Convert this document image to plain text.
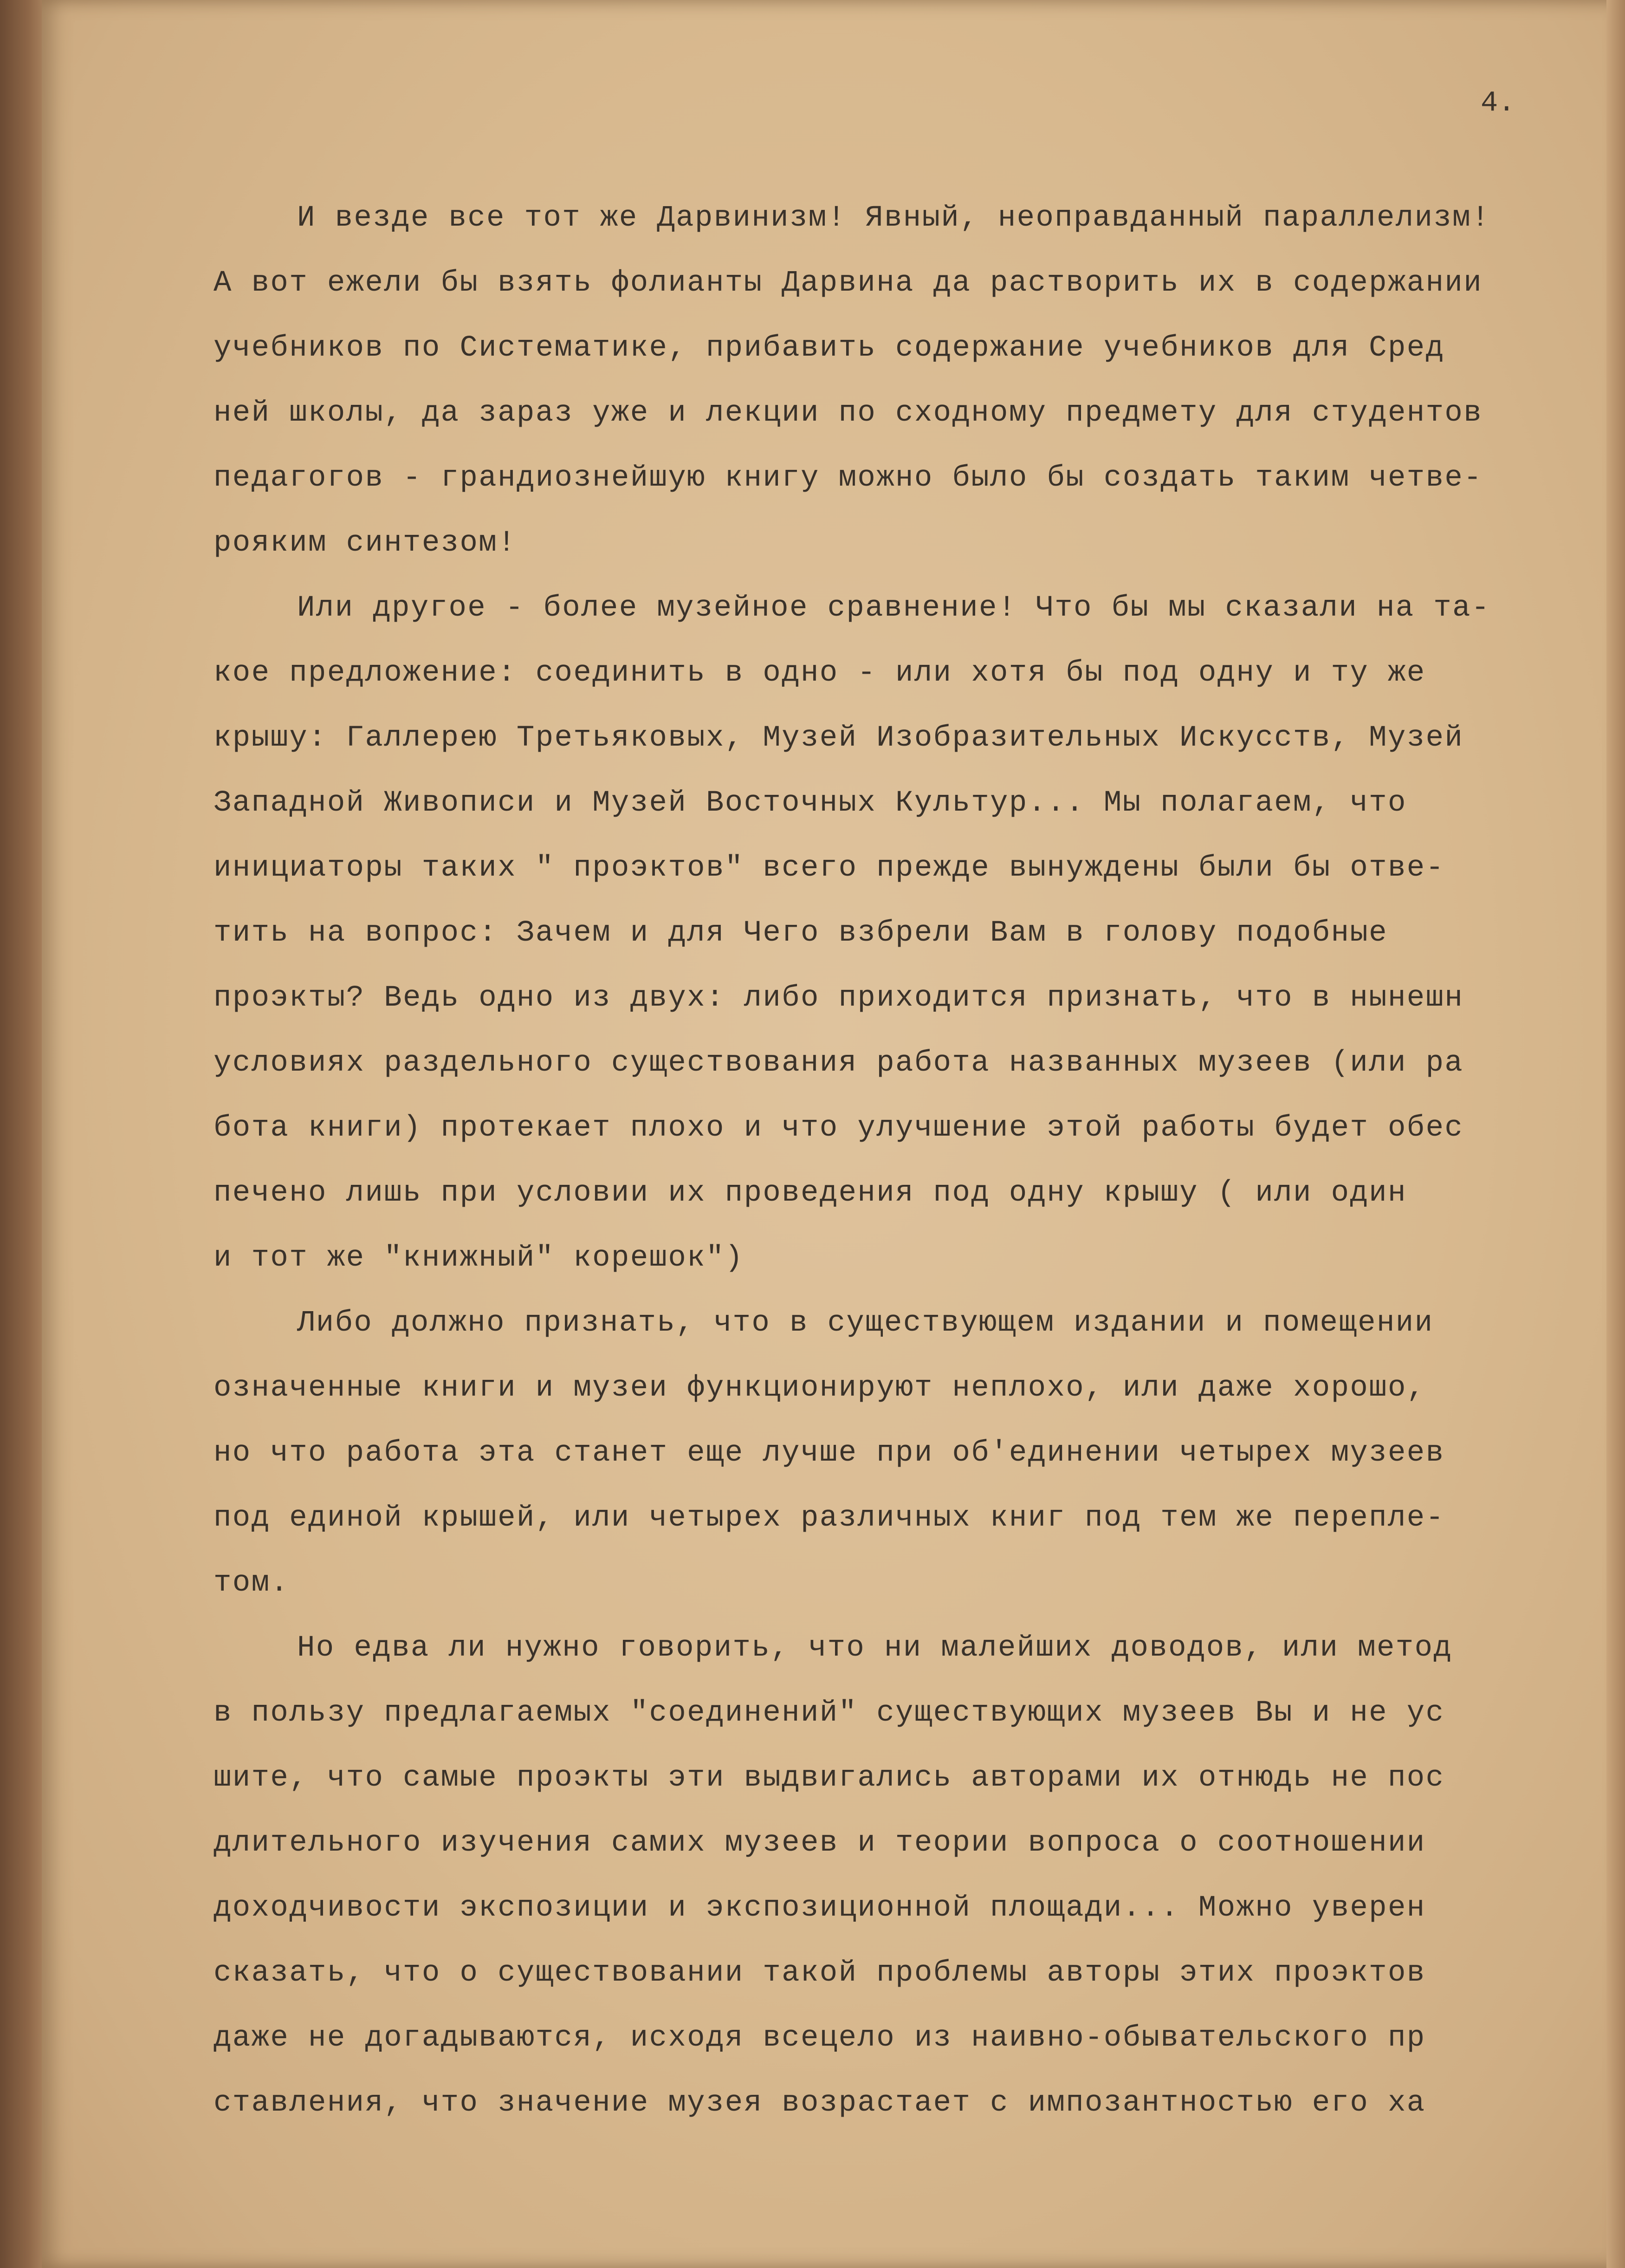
4.
И везде все тот же Дарвинизм! Явный, неоправданный параллелизм!
А вот ежели бы взять фолианты Дарвина да растворить их в содержании
учебников по Систематике, прибавить содержание учебников для Сред
ней школы, да зараз уже и лекции по сходному предмету для студентов
педагогов - грандиознейшую книгу можно было бы создать таким четве-
рояким синтезом!
Или другое - более музейное сравнение! Что бы мы сказали на та-
кое предложение: соединить в одно - или хотя бы под одну и ту же
крышу: Галлерею Третьяковых, Музей Изобразительных Искусств, Музей
Западной Живописи и Музей Восточных Культур... Мы полагаем, что
инициаторы таких " проэктов" всего прежде вынуждены были бы отве-
тить на вопрос: Зачем и для Чего взбрели Вам в голову подобные
проэкты? Ведь одно из двух: либо приходится признать, что в нынешн
условиях раздельного существования работа названных музеев (или ра
бота книги) протекает плохо и что улучшение этой работы будет обес
печено лишь при условии их проведения под одну крышу ( или один
и тот же "книжный" корешок")
Либо должно признать, что в существующем издании и помещении
означенные книги и музеи функционируют неплохо, или даже хорошо,
но что работа эта станет еще лучше при об'единении четырех музеев
под единой крышей, или четырех различных книг под тем же перепле-
том.
Но едва ли нужно говорить, что ни малейших доводов, или метод
в пользу предлагаемых "соединений" существующих музеев Вы и не ус
шите, что самые проэкты эти выдвигались авторами их отнюдь не пос
длительного изучения самих музеев и теории вопроса о соотношении
доходчивости экспозиции и экспозиционной площади... Можно уверен
сказать, что о существовании такой проблемы авторы этих проэктов
даже не догадываются, исходя всецело из наивно-обывательского пр
ставления, что значение музея возрастает с импозантностью его ха
